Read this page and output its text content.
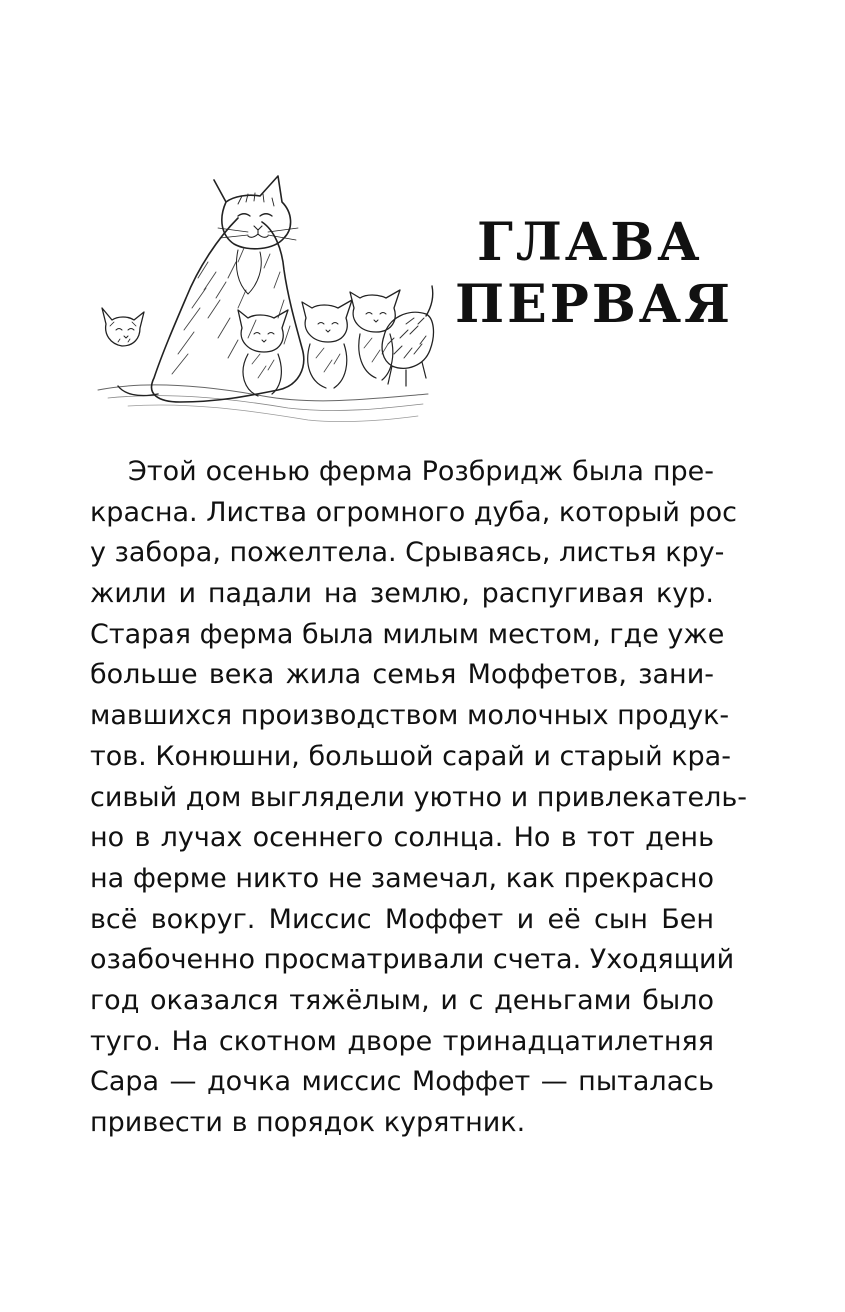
ГЛАВА
ПЕРВАЯ
Этой осенью ферма Розбридж была пре-
красна. Листва огромного дуба, который рос
у забора, пожелтела. Срываясь, листья кру-
жили и падали на землю, распугивая кур.
Старая ферма была милым местом, где уже
больше века жила семья Моффетов, зани-
мавшихся производством молочных продук-
тов. Конюшни, большой сарай и старый кра-
сивый дом выглядели уютно и привлекатель-
но в лучах осеннего солнца. Но в тот день
на ферме никто не замечал, как прекрасно
всё вокруг. Миссис Моффет и её сын Бен
озабоченно просматривали счета. Уходящий
год оказался тяжёлым, и с деньгами было
туго. На скотном дворе тринадцатилетняя
Сара — дочка миссис Моффет — пыталась
привести в порядок курятник.
